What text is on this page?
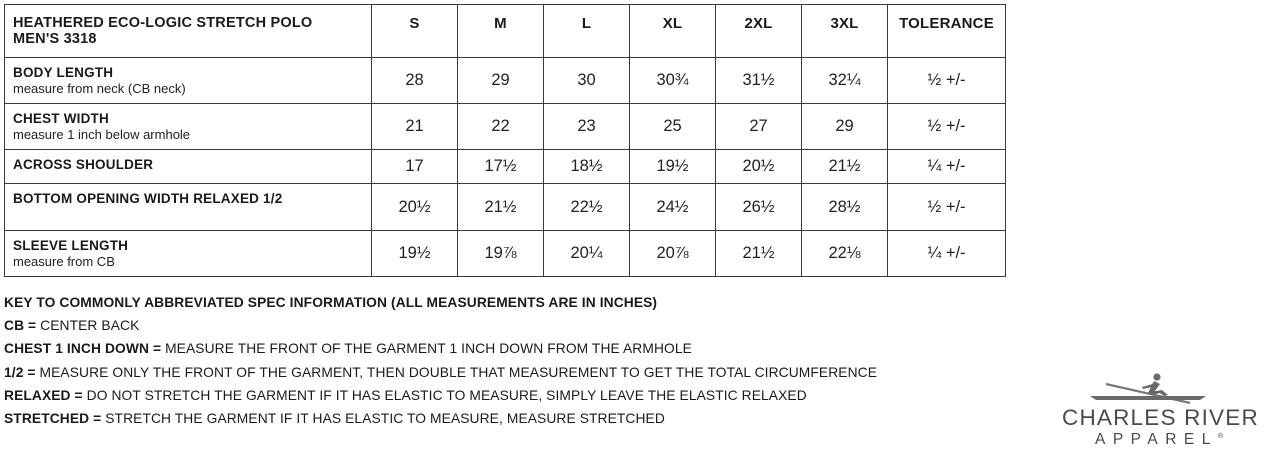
HEATHERED ECO-LOGIC STRETCH POLO
MEN'S 3318	S	M	L	XL	2XL	3XL	TOLERANCE

BODY LENGTH
measure from neck (CB neck)	28	29	30	30¾	31½	32¼	½ +/-

CHEST WIDTH
measure 1 inch below armhole	21	22	23	25	27	29	½ +/-

ACROSS SHOULDER	17	17½	18½	19½	20½	21½	¼ +/-

BOTTOM OPENING WIDTH RELAXED 1/2	20½	21½	22½	24½	26½	28½	½ +/-

SLEEVE LENGTH
measure from CB	19½	19⅞	20¼	20⅞	21½	22⅛	¼ +/-
KEY TO COMMONLY ABBREVIATED SPEC INFORMATION (ALL MEASUREMENTS ARE IN INCHES)
CB = CENTER BACK
CHEST 1 INCH DOWN = MEASURE THE FRONT OF THE GARMENT 1 INCH DOWN FROM THE ARMHOLE
1/2 = MEASURE ONLY THE FRONT OF THE GARMENT, THEN DOUBLE THAT MEASUREMENT TO GET THE TOTAL CIRCUMFERENCE
RELAXED = DO NOT STRETCH THE GARMENT IF IT HAS ELASTIC TO MEASURE, SIMPLY LEAVE THE ELASTIC RELAXED
STRETCHED = STRETCH THE GARMENT IF IT HAS ELASTIC TO MEASURE, MEASURE STRETCHED	CHARLES RIVER
APPAREL®
